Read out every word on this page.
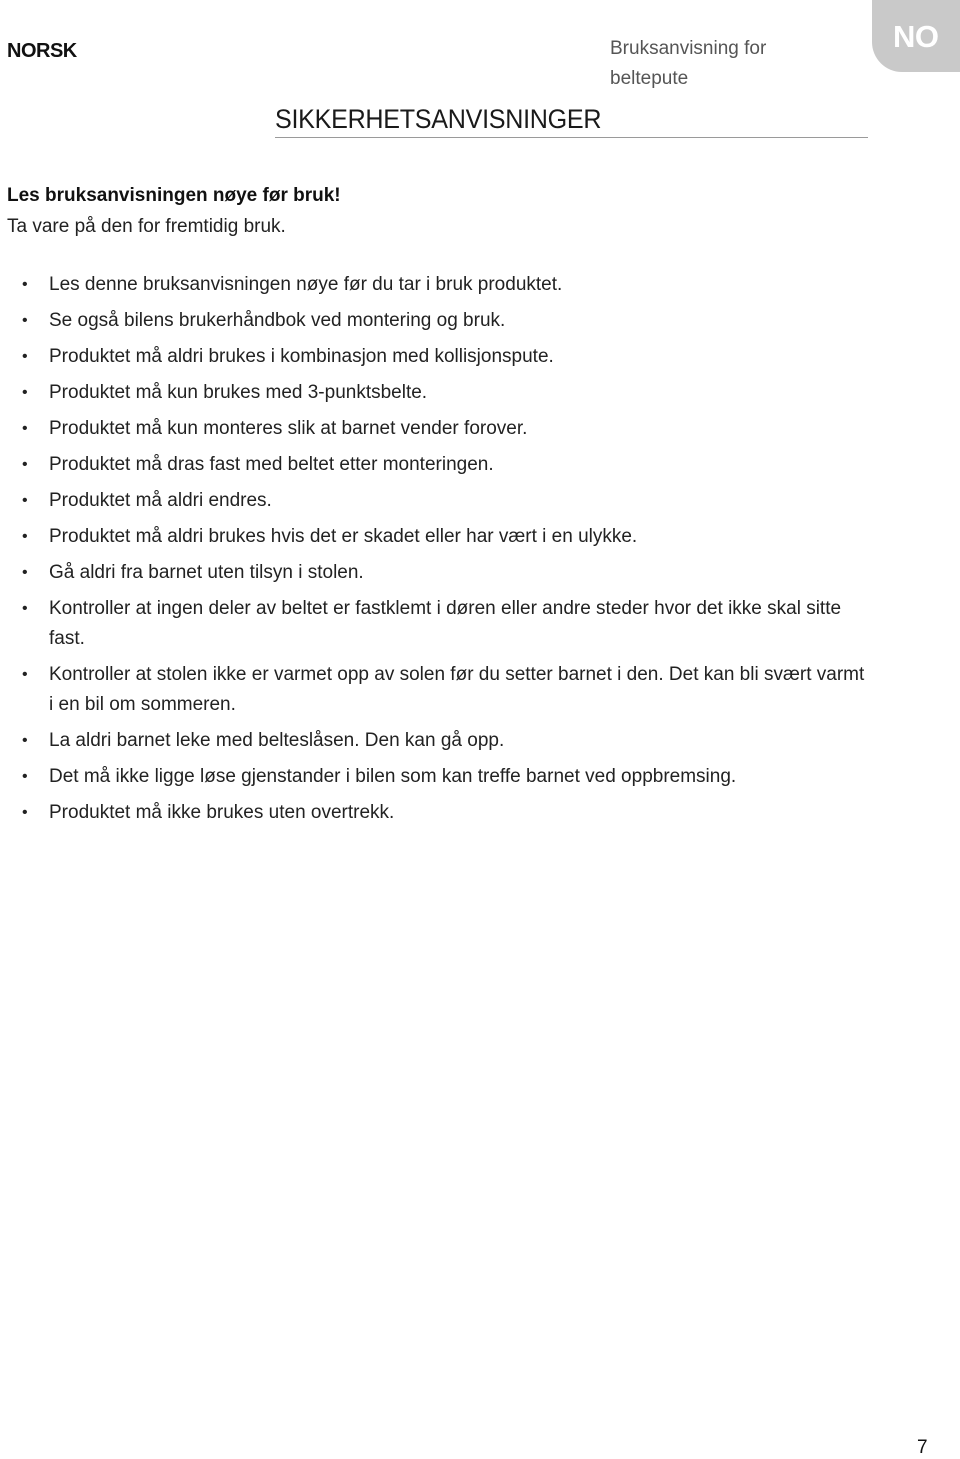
NORSK	Bruksanvisning for
beltepute
NO
SIKKERHETSANVISNINGER
Les bruksanvisningen nøye før bruk!
Ta vare på den for fremtidig bruk.
• Les denne bruksanvisningen nøye før du tar i bruk produktet.
• Se også bilens brukerhåndbok ved montering og bruk.
• Produktet må aldri brukes i kombinasjon med kollisjonspute.
• Produktet må kun brukes med 3-punktsbelte.
• Produktet må kun monteres slik at barnet vender forover.
• Produktet må dras fast med beltet etter monteringen.
• Produktet må aldri endres.
• Produktet må aldri brukes hvis det er skadet eller har vært i en ulykke.
• Gå aldri fra barnet uten tilsyn i stolen.
• Kontroller at ingen deler av beltet er fastklemt i døren eller andre steder hvor det ikke skal sitte fast.
• Kontroller at stolen ikke er varmet opp av solen før du setter barnet i den. Det kan bli svært varmt i en bil om sommeren.
• La aldri barnet leke med belteslåsen. Den kan gå opp.
• Det må ikke ligge løse gjenstander i bilen som kan treffe barnet ved oppbremsing.
• Produktet må ikke brukes uten overtrekk.
7
